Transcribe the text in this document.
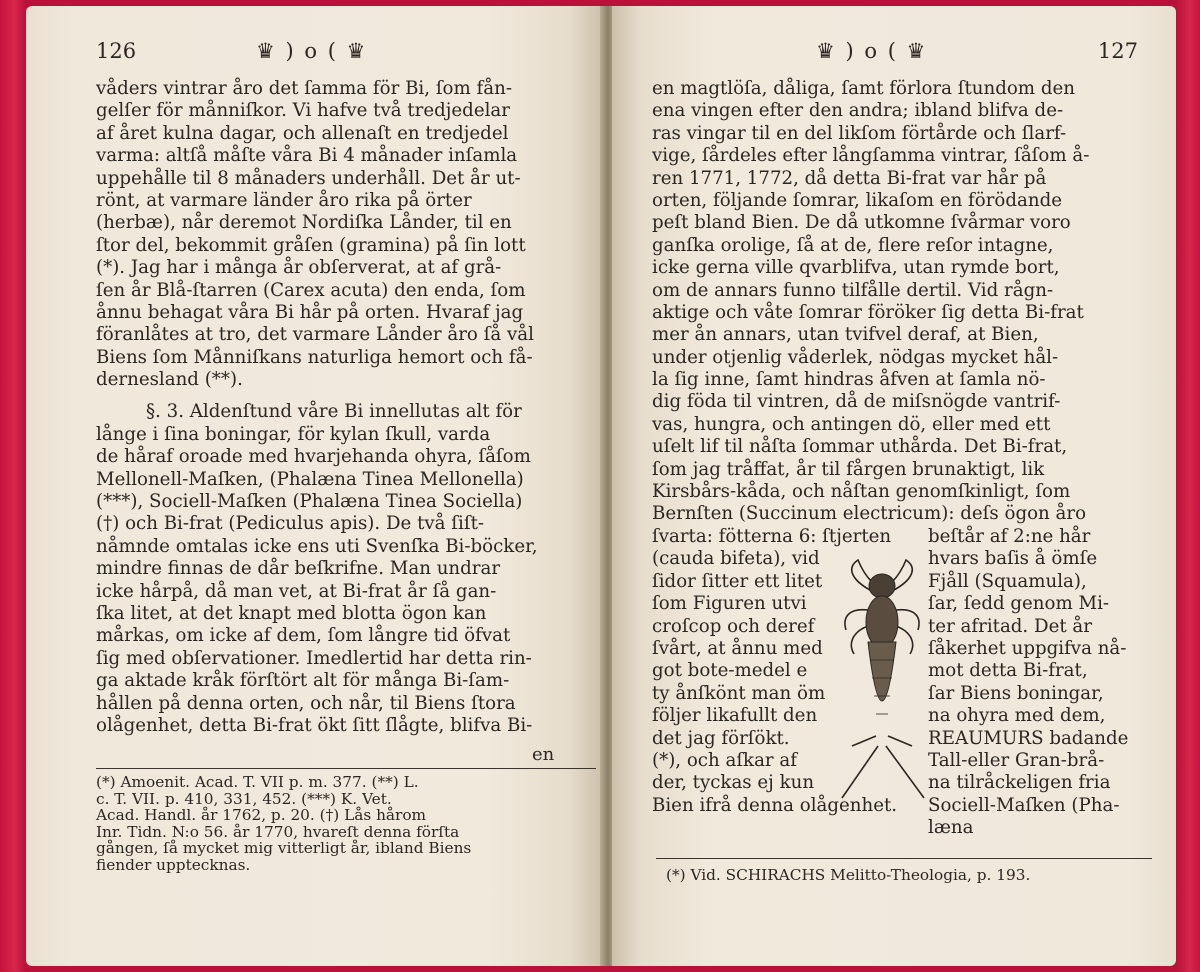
126	♛ ) o ( ♛
våders vintrar åro det ſamma för Bi, ſom fån-
gelſer för månniſkor. Vi hafve två tredjedelar
af året kulna dagar, och allenaſt en tredjedel
varma: altſå måſte våra Bi 4 månader inſamla
uppehålle til 8 månaders underhåll. Det år ut-
rönt, at varmare länder åro rika på örter
(herbæ), når deremot Nordiſka Lånder, til en
ſtor del, bekommit gråſen (gramina) på ſin lott
(*). Jag har i många år obſerverat, at af grå-
ſen år Blå-ſtarren (Carex acuta) den enda, ſom
ånnu behagat våra Bi hår på orten. Hvaraf jag
föranlåtes at tro, det varmare Lånder åro ſå vål
Biens ſom Månniſkans naturliga hemort och få-
dernesland (**).
§. 3. Aldenſtund våre Bi innellutas alt för
långe i ſina boningar, för kylan ſkull, varda
de håraf oroade med hvarjehanda ohyra, ſåſom
Mellonell-Maſken, (Phalæna Tinea Mellonella)
(***), Sociell-Maſken (Phalæna Tinea Sociella)
(†) och Bi-frat (Pediculus apis). De två ſiſt-
nåmnde omtalas icke ens uti Svenſka Bi-böcker,
mindre finnas de dår beſkrifne. Man undrar
icke hårpå, då man vet, at Bi-frat år ſå gan-
ſka litet, at det knapt med blotta ögon kan
mårkas, om icke af dem, ſom långre tid öfvat
ſig med obſervationer. Imedlertid har detta rin-
ga aktade kråk förſtört alt för många Bi-ſam-
hållen på denna orten, och når, til Biens ſtora
olågenhet, detta Bi-frat ökt ſitt ſlågte, blifva Bi-
en
(*) Amoenit. Acad. T. VII p. m. 377. (**) L.
c. T. VII. p. 410, 331, 452. (***) K. Vet.
Acad. Handl. år 1762, p. 20. (†) Lås hårom
Inr. Tidn. N:o 56. år 1770, hvareſt denna förſta
gången, ſå mycket mig vitterligt år, ibland Biens
fiender upptecknas.
♛ ) o ( ♛	127
en magtlöſa, dåliga, ſamt förlora ſtundom den
ena vingen efter den andra; ibland blifva de-
ras vingar til en del likſom förtårde och ſlarf-
vige, ſårdeles efter långſamma vintrar, ſåſom å-
ren 1771, 1772, då detta Bi-frat var hår på
orten, följande ſomrar, likaſom en förödande
peſt bland Bien. De då utkomne ſvårmar voro
ganſka orolige, ſå at de, flere reſor intagne,
icke gerna ville qvarblifva, utan rymde bort,
om de annars funno tilfålle dertil. Vid rågn-
aktige och våte ſomrar föröker ſig detta Bi-frat
mer ån annars, utan tvifvel deraf, at Bien,
under otjenlig våderlek, nödgas mycket hål-
la ſig inne, ſamt hindras åfven at ſamla nö-
dig föda til vintren, då de miſsnögde vantrif-
vas, hungra, och antingen dö, eller med ett
uſelt lif til nåſta ſommar uthårda. Det Bi-frat,
ſom jag tråffat, år til fårgen brunaktigt, lik
Kirsbårs-kåda, och nåſtan genomſkinligt, ſom
Bernſten (Succinum electricum): deſs ögon åro
ſvarta: fötterna 6: ſtjerten
(cauda bifeta), vid
ſidor ſitter ett litet
ſom Figuren utvi
croſcop och deref
ſvårt, at ånnu med
got bote-medel e
ty ånſkönt man öm
följer likafullt den
det jag förſökt.
(*), och aſkar af
der, tyckas ej kun
Bien ifrå denna olågenhet.
beſtår af 2:ne hår
hvars baſis å ömſe
Fjåll (Squamula),
ſar, ſedd genom Mi-
ter afritad. Det år
ſåkerhet uppgifva nå-
mot detta Bi-frat,
ſar Biens boningar,
na ohyra med dem,
REAUMURS badande
Tall-eller Gran-brå-
na tilråckeligen fria
Sociell-Maſken (Pha-
læna
(*) Vid. SCHIRACHS Melitto-Theologia, p. 193.
